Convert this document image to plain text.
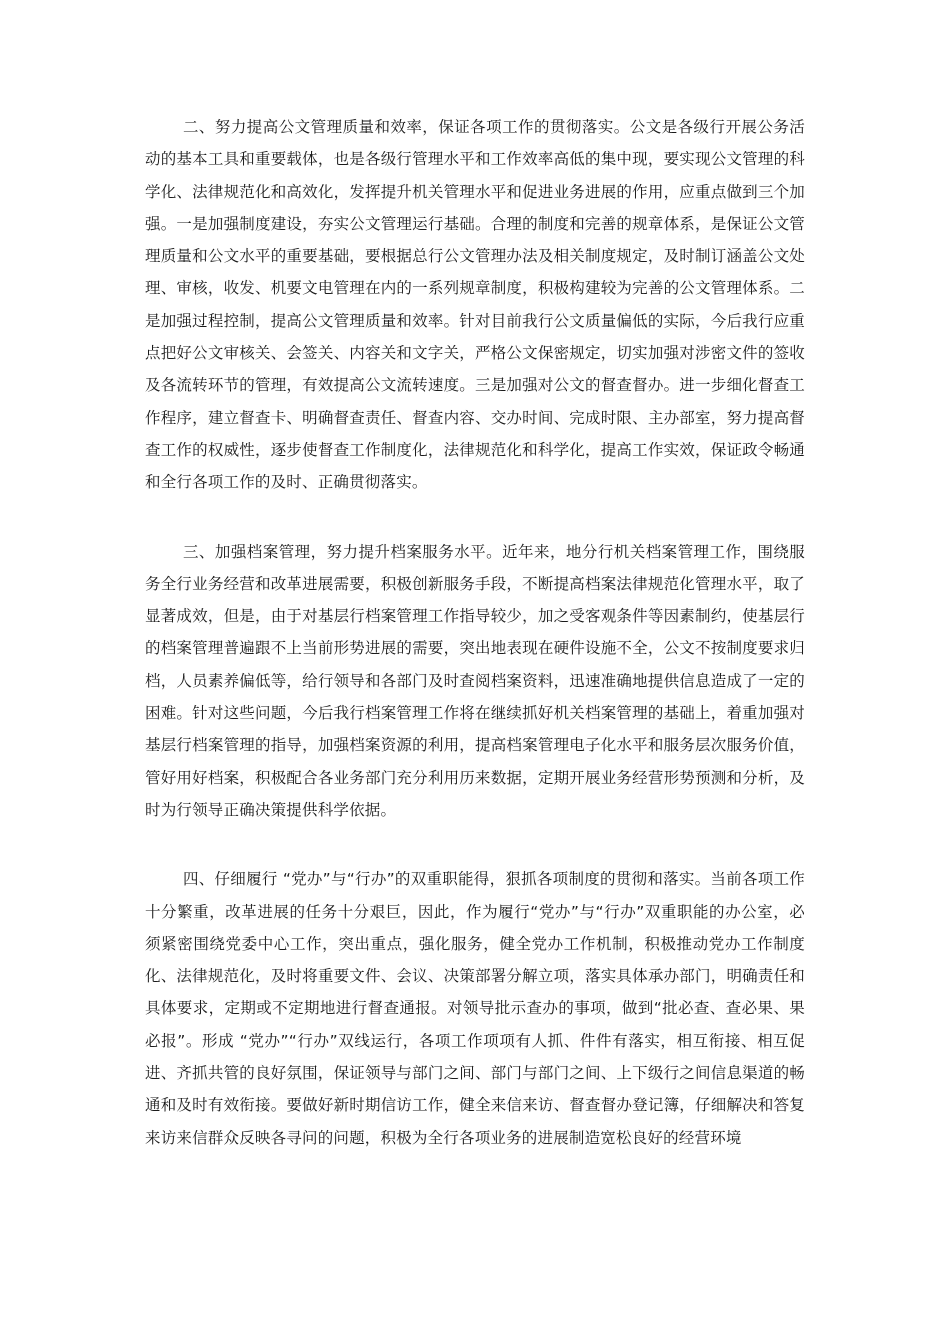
二、努力提高公文管理质量和效率，保证各项工作的贯彻落实。公文是各级行开展公务活动的基本工具和重要载体，也是各级行管理水平和工作效率高低的集中现，要实现公文管理的科学化、法律规范化和高效化，发挥提升机关管理水平和促进业务进展的作用，应重点做到三个加强。一是加强制度建设，夯实公文管理运行基础。合理的制度和完善的规章体系，是保证公文管理质量和公文水平的重要基础，要根据总行公文管理办法及相关制度规定，及时制订涵盖公文处理、审核，收发、机要文电管理在内的一系列规章制度，积极构建较为完善的公文管理体系。二是加强过程控制，提高公文管理质量和效率。针对目前我行公文质量偏低的实际，今后我行应重点把好公文审核关、会签关、内容关和文字关，严格公文保密规定，切实加强对涉密文件的签收及各流转环节的管理，有效提高公文流转速度。三是加强对公文的督查督办。进一步细化督查工作程序，建立督查卡、明确督查责任、督查内容、交办时间、完成时限、主办部室，努力提高督查工作的权威性，逐步使督查工作制度化，法律规范化和科学化，提高工作实效，保证政令畅通和全行各项工作的及时、正确贯彻落实。

三、加强档案管理，努力提升档案服务水平。近年来，地分行机关档案管理工作，围绕服务全行业务经营和改革进展需要，积极创新服务手段，不断提高档案法律规范化管理水平，取了显著成效，但是，由于对基层行档案管理工作指导较少，加之受客观条件等因素制约，使基层行的档案管理普遍跟不上当前形势进展的需要，突出地表现在硬件设施不全，公文不按制度要求归档，人员素养偏低等，给行领导和各部门及时查阅档案资料，迅速准确地提供信息造成了一定的困难。针对这些问题，今后我行档案管理工作将在继续抓好机关档案管理的基础上，着重加强对基层行档案管理的指导，加强档案资源的利用，提高档案管理电子化水平和服务层次服务价值，管好用好档案，积极配合各业务部门充分利用历来数据，定期开展业务经营形势预测和分析，及时为行领导正确决策提供科学依据。

四、仔细履行 “党办”与“行办”的双重职能得，狠抓各项制度的贯彻和落实。当前各项工作十分繁重，改革进展的任务十分艰巨，因此，作为履行“党办”与“行办”双重职能的办公室，必须紧密围绕党委中心工作，突出重点，强化服务，健全党办工作机制，积极推动党办工作制度化、法律规范化，及时将重要文件、会议、决策部署分解立项，落实具体承办部门，明确责任和具体要求，定期或不定期地进行督查通报。对领导批示查办的事项，做到“批必查、查必果、果必报”。形成 “党办”“行办”双线运行，各项工作项项有人抓、件件有落实，相互衔接、相互促进、齐抓共管的良好氛围，保证领导与部门之间、部门与部门之间、上下级行之间信息渠道的畅通和及时有效衔接。要做好新时期信访工作，健全来信来访、督查督办登记簿，仔细解决和答复来访来信群众反映各寻问的问题，积极为全行各项业务的进展制造宽松良好的经营环境
